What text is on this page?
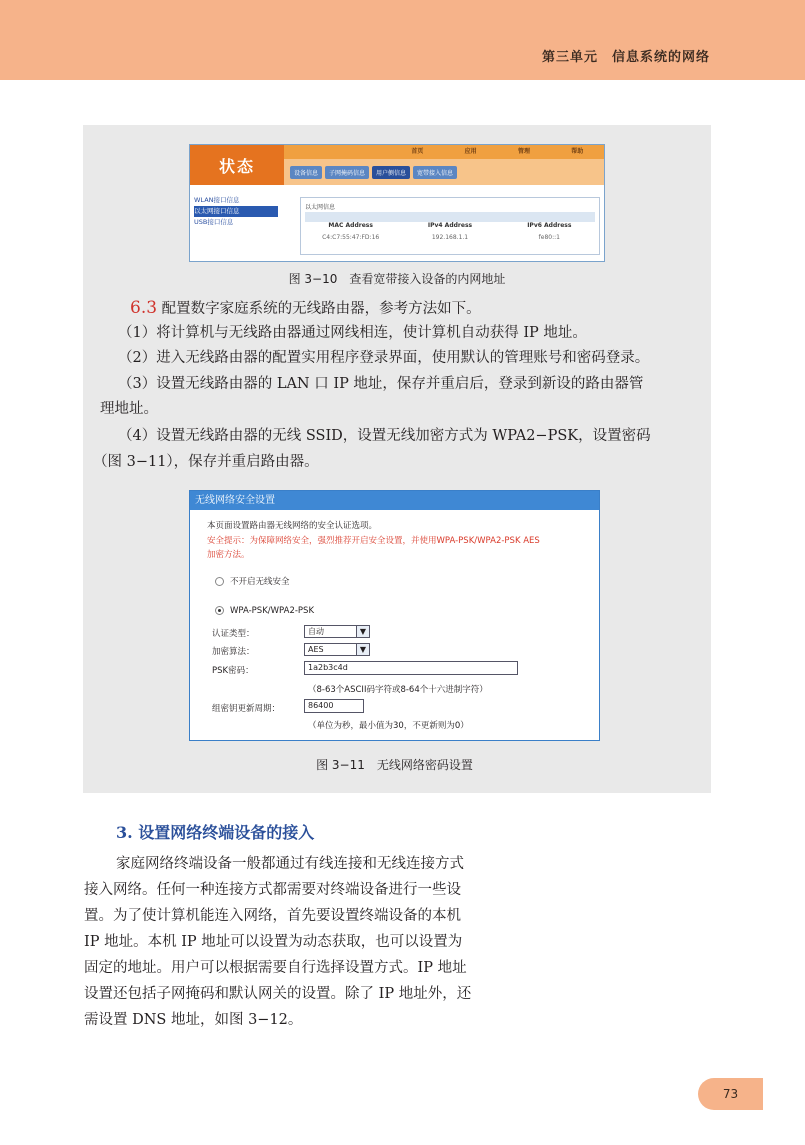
第三单元　信息系统的网络
状态
首页	应用	管理	帮助
设备信息	子网掩码信息	用户侧信息	宽带接入信息
WLAN接口信息
以太网接口信息
USB接口信息
以太网信息
MAC Address	IPv4 Address	IPv6 Address
C4:C7:55:47:FD:16	192.168.1.1	fe80::1
图 3−10　查看宽带接入设备的内网地址
6.3 配置数字家庭系统的无线路由器，参考方法如下。
（1）将计算机与无线路由器通过网线相连，使计算机自动获得 IP 地址。
（2）进入无线路由器的配置实用程序登录界面，使用默认的管理账号和密码登录。
（3）设置无线路由器的 LAN 口 IP 地址，保存并重启后，登录到新设的路由器管
理地址。
（4）设置无线路由器的无线 SSID，设置无线加密方式为 WPA2−PSK，设置密码
（图 3−11），保存并重启路由器。
无线网络安全设置
本页面设置路由器无线网络的安全认证选项。
安全提示：为保障网络安全，强烈推荐开启安全设置，并使用WPA-PSK/WPA2-PSK AES
加密方法。
不开启无线安全
WPA-PSK/WPA2-PSK
认证类型：	自动	▼
加密算法：	AES	▼
PSK密码：	1a2b3c4d
（8-63个ASCII码字符或8-64个十六进制字符）
组密钥更新周期：	86400
（单位为秒，最小值为30，不更新则为0）
图 3−11　无线网络密码设置
3. 设置网络终端设备的接入
家庭网络终端设备一般都通过有线连接和无线连接方式
接入网络。任何一种连接方式都需要对终端设备进行一些设
置。为了使计算机能连入网络，首先要设置终端设备的本机
IP 地址。本机 IP 地址可以设置为动态获取，也可以设置为
固定的地址。用户可以根据需要自行选择设置方式。IP 地址
设置还包括子网掩码和默认网关的设置。除了 IP 地址外，还
需设置 DNS 地址，如图 3−12。
73
